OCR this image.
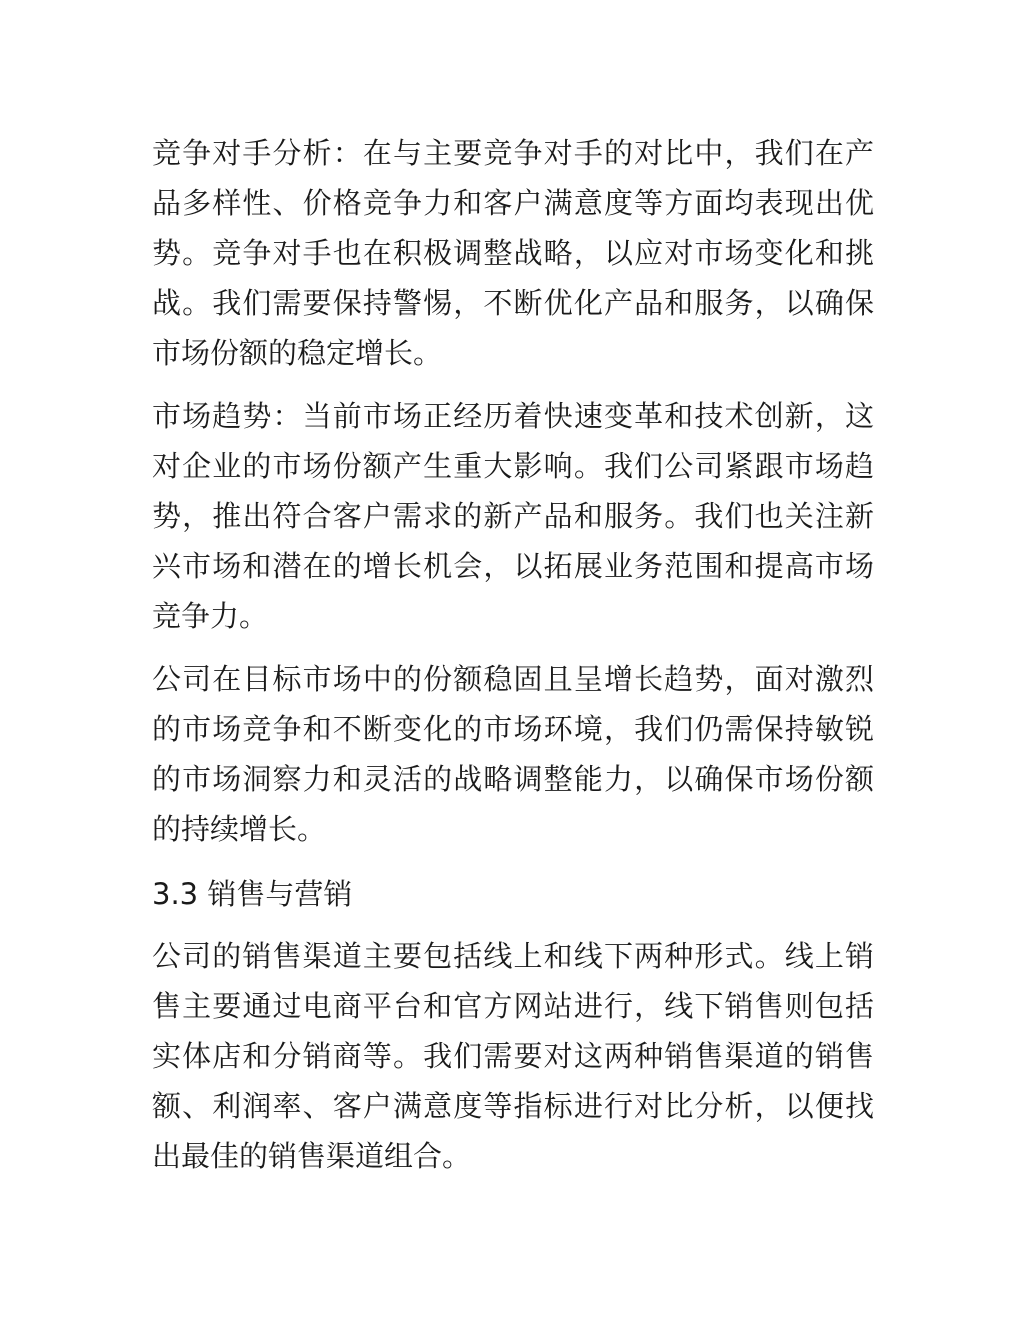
竞争对手分析：在与主要竞争对手的对比中，我们在产品多样性、价格竞争力和客户满意度等方面均表现出优势。竞争对手也在积极调整战略，以应对市场变化和挑战。我们需要保持警惕，不断优化产品和服务，以确保市场份额的稳定增长。

市场趋势：当前市场正经历着快速变革和技术创新，这对企业的市场份额产生重大影响。我们公司紧跟市场趋势，推出符合客户需求的新产品和服务。我们也关注新兴市场和潜在的增长机会，以拓展业务范围和提高市场竞争力。

公司在目标市场中的份额稳固且呈增长趋势，面对激烈的市场竞争和不断变化的市场环境，我们仍需保持敏锐的市场洞察力和灵活的战略调整能力，以确保市场份额的持续增长。

3.3 销售与营销

公司的销售渠道主要包括线上和线下两种形式。线上销售主要通过电商平台和官方网站进行，线下销售则包括实体店和分销商等。我们需要对这两种销售渠道的销售额、利润率、客户满意度等指标进行对比分析，以便找出最佳的销售渠道组合。
